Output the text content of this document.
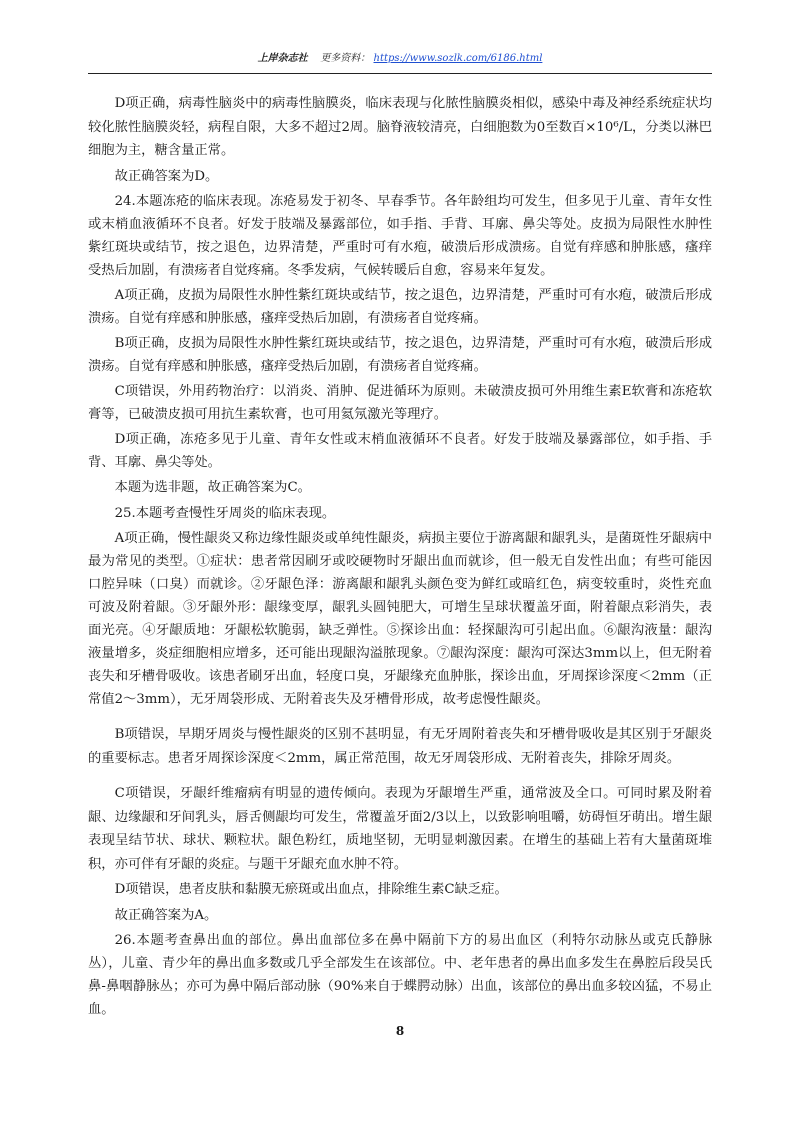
上岸杂志社 更多资料： https://www.sozlk.com/6186.html

D项正确，病毒性脑炎中的病毒性脑膜炎，临床表现与化脓性脑膜炎相似，感染中毒及神经系统症状均较化脓性脑膜炎轻，病程自限，大多不超过2周。脑脊液较清亮，白细胞数为0至数百×10⁶/L，分类以淋巴细胞为主，糖含量正常。

故正确答案为D。

24.本题冻疮的临床表现。冻疮易发于初冬、早春季节。各年龄组均可发生，但多见于儿童、青年女性或末梢血液循环不良者。好发于肢端及暴露部位，如手指、手背、耳廓、鼻尖等处。皮损为局限性水肿性紫红斑块或结节，按之退色，边界清楚，严重时可有水疱，破溃后形成溃疡。自觉有痒感和肿胀感，瘙痒受热后加剧，有溃疡者自觉疼痛。冬季发病，气候转暖后自愈，容易来年复发。

A项正确，皮损为局限性水肿性紫红斑块或结节，按之退色，边界清楚，严重时可有水疱，破溃后形成溃疡。自觉有痒感和肿胀感，瘙痒受热后加剧，有溃疡者自觉疼痛。

B项正确，皮损为局限性水肿性紫红斑块或结节，按之退色，边界清楚，严重时可有水疱，破溃后形成溃疡。自觉有痒感和肿胀感，瘙痒受热后加剧，有溃疡者自觉疼痛。

C项错误，外用药物治疗：以消炎、消肿、促进循环为原则。未破溃皮损可外用维生素E软膏和冻疮软膏等，已破溃皮损可用抗生素软膏，也可用氦氖激光等理疗。

D项正确，冻疮多见于儿童、青年女性或末梢血液循环不良者。好发于肢端及暴露部位，如手指、手背、耳廓、鼻尖等处。

本题为选非题，故正确答案为C。

25.本题考查慢性牙周炎的临床表现。

A项正确，慢性龈炎又称边缘性龈炎或单纯性龈炎，病损主要位于游离龈和龈乳头，是菌斑性牙龈病中最为常见的类型。①症状：患者常因刷牙或咬硬物时牙龈出血而就诊，但一般无自发性出血；有些可能因口腔异味（口臭）而就诊。②牙龈色泽：游离龈和龈乳头颜色变为鲜红或暗红色，病变较重时，炎性充血可波及附着龈。③牙龈外形：龈缘变厚，龈乳头圆钝肥大，可增生呈球状覆盖牙面，附着龈点彩消失，表面光亮。④牙龈质地：牙龈松软脆弱，缺乏弹性。⑤探诊出血：轻探龈沟可引起出血。⑥龈沟液量：龈沟液量增多，炎症细胞相应增多，还可能出现龈沟溢脓现象。⑦龈沟深度：龈沟可深达3mm以上，但无附着丧失和牙槽骨吸收。该患者刷牙出血，轻度口臭，牙龈缘充血肿胀，探诊出血，牙周探诊深度＜2mm（正常值2～3mm），无牙周袋形成、无附着丧失及牙槽骨形成，故考虑慢性龈炎。

B项错误，早期牙周炎与慢性龈炎的区别不甚明显，有无牙周附着丧失和牙槽骨吸收是其区别于牙龈炎的重要标志。患者牙周探诊深度＜2mm，属正常范围，故无牙周袋形成、无附着丧失，排除牙周炎。

C项错误，牙龈纤维瘤病有明显的遗传倾向。表现为牙龈增生严重，通常波及全口。可同时累及附着龈、边缘龈和牙间乳头，唇舌侧龈均可发生，常覆盖牙面2/3以上，以致影响咀嚼，妨碍恒牙萌出。增生龈表现呈结节状、球状、颗粒状。龈色粉红，质地坚韧，无明显刺激因素。在增生的基础上若有大量菌斑堆积，亦可伴有牙龈的炎症。与题干牙龈充血水肿不符。

D项错误，患者皮肤和黏膜无瘀斑或出血点，排除维生素C缺乏症。

故正确答案为A。

26.本题考查鼻出血的部位。鼻出血部位多在鼻中隔前下方的易出血区（利特尔动脉丛或克氏静脉丛），儿童、青少年的鼻出血多数或几乎全部发生在该部位。中、老年患者的鼻出血多发生在鼻腔后段吴氏鼻-鼻咽静脉丛；亦可为鼻中隔后部动脉（90%来自于蝶腭动脉）出血，该部位的鼻出血多较凶猛，不易止血。

8
